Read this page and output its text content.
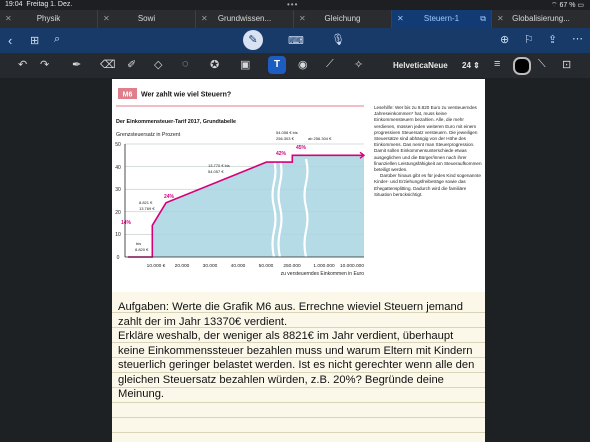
19:04 Freitag 1. Dez.	•••	⌔ 67 % ▭
✕	Physik	✕	Sowi	✕	Grundwissen...	✕	Gleichung	✕	Steuern-1	⧉ ✕	Globalisierung...
‹ ⊞ ⌕	✎	⌨ 🎙	⊕ ⚐ ⇪ ⋯
↶ ↷ ✒ ⌫ ✐ ◇ ◌ ✪ ▣	T	◉ ⟋ ✧	HelveticaNeue 24 ⇕ ≡	⟍ ⊡
M6 Wer zahlt wie viel Steuern?
Der Einkommensteuer-Tarif 2017, Grundtabelle
Grenzsteuersatz in Prozent
50
40
30
20
10
0
10.000 € 20.000	30.000	40.000	50.000 250.000	1.000.000 10.000.000
zu versteuerndes Einkommen in Euro
bis
8.820 €
8.821 €
13.769 €
13.770 € bis
54.057 €
54.058 € bis
256.303 €	ab 256.304 €
14%
24%
42%
45%
Lesehilfe: Wer bis zu 8.820 Euro zu versteuerndes Jahreseinkommen* hat, muss keine Einkommensteuern bezahlen. Alle, die mehr verdienen, müssen jeden weiteren Euro mit einem progressiven Steuersatz versteuern. Die jeweiligen Steuersätze sind abhängig von der Höhe des Einkommens. Das nennt man Steuerprogression. Damit sollen Einkommensunterschiede etwas ausgeglichen und die Bürger/innen nach ihrer finanziellen Leistungsfähigkeit am Steueraufkommen beteiligt werden.
Darüber hinaus gibt es für jedes Kind sogenannte Kinder- und Erziehungsfreibeträge sowie das Ehegattensplitting. Dadurch wird die familiäre Situation berücksichtigt.

Aufgaben: Werte die Grafik M6 aus. Errechne wieviel Steuern jemand zahlt der im Jahr 13370€ verdient.

Erkläre weshalb, der weniger als 8821€ im Jahr verdient, überhaupt keine Einkommenssteuer bezahlen muss und warum Eltern mit Kindern steuerlich geringer belastet werden. Ist es nicht gerechter wenn alle den gleichen Steuersatz bezahlen würden, z.B. 20%? Begründe deine Meinung.
